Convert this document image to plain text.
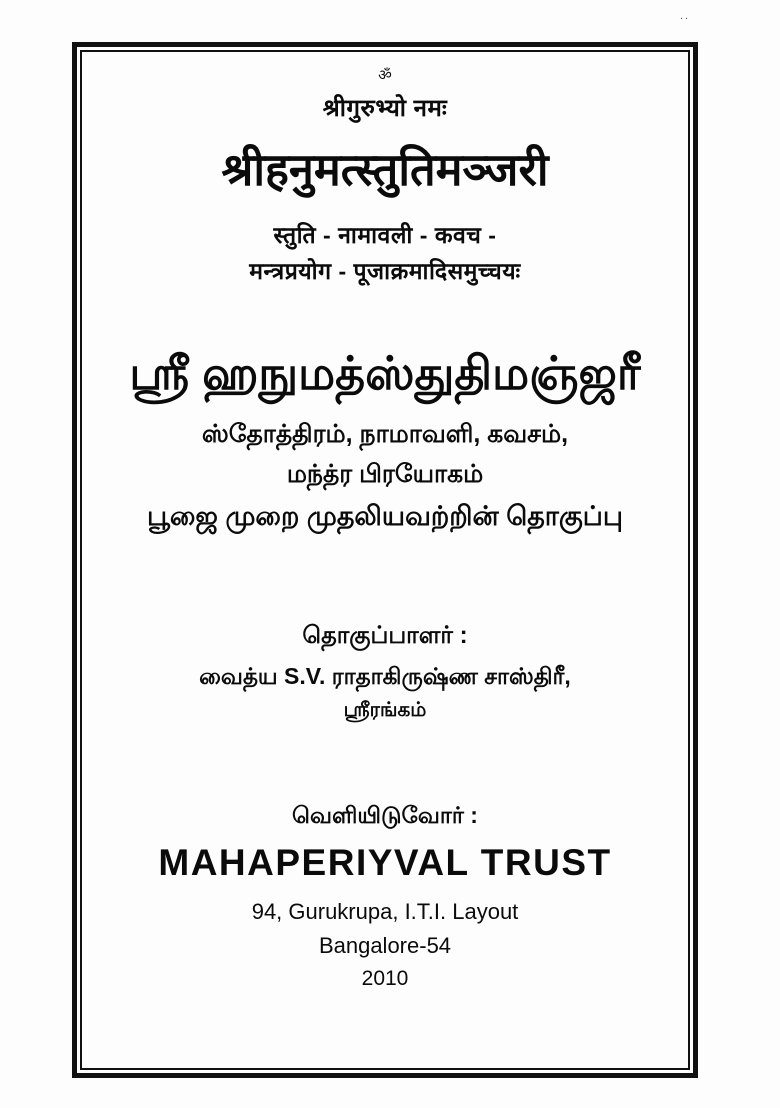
..
ॐ
श्रीगुरुभ्यो नमः
श्रीहनुमत्स्तुतिमञ्जरी
स्तुति - नामावली - कवच -
मन्त्रप्रयोग - पूजाक्रमादिसमुच्चयः
ஸ்ரீ ஹநுமத்ஸ்துதிமஞ்ஜரீ
ஸ்தோத்திரம், நாமாவளி, கவசம்,
மந்த்ர பிரயோகம்
பூஜை முறை முதலியவற்றின் தொகுப்பு
தொகுப்பாளர் :
வைத்ய S.V. ராதாகிருஷ்ண சாஸ்திரீ,
ஸ்ரீரங்கம்
வெளியிடுவோர் :
MAHAPERIYVAL TRUST
94, Gurukrupa, I.T.I. Layout
Bangalore-54
2010
